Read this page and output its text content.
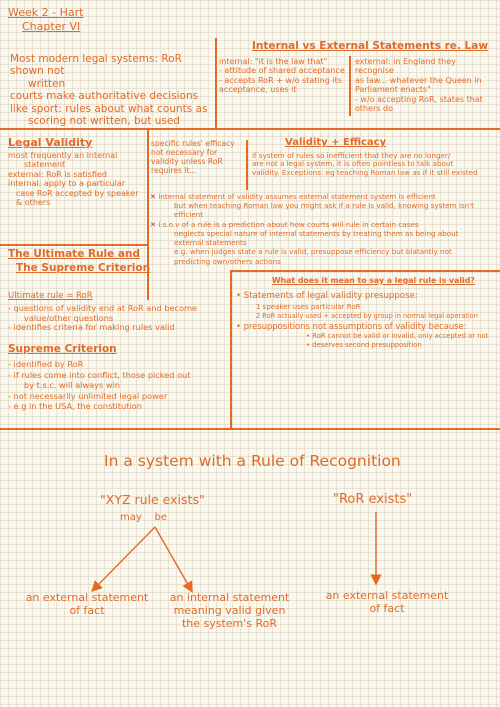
Week 2 - Hart
Chapter VI
Most modern legal systems: RoR shown not
written
courts make authoritative decisions
like sport: rules about what counts as
scoring not written, but used
Internal vs External Statements re. Law
internal: "it is the law that"
- attitude of shared acceptance
- accepts RoR + w/o stating its
acceptance, uses it
external: in England they recognise
as law... whatever the Queen in
Parliament enacts"
- w/o accepting RoR, states that
others do
Legal Validity
most frequently an internal
statement
external: RoR is satisfied
internal: apply to a particular
case RoR accepted by speaker
& others
specific rules' efficacy
not necessary for
validity unless RoR
requires it...
Validity + Efficacy
if system of rules so inefficient that they are no longer/
are not a legal system, it is often pointless to talk about
validity. Exceptions: eg teaching Roman law as if it still existed
✕ internal statement of validity assumes external statement system is efficient
but when teaching Roman law you might ask if a rule is valid, knowing system isn't efficient
✕ i.s.o.v of a rule is a prediction about how courts will rule in certain cases
neglects special nature of internal statements by treating them as being about
external statements
e.g. when judges state a rule is valid, presuppose efficiency but blatantly not
predicting own/others actions
The Ultimate Rule and
The Supreme Criterion
Ultimate rule = RoR
- questions of validity end at RoR and become
value/other questions
- identifies criteria for making rules valid
Supreme Criterion
- identified by RoR
- if rules come into conflict, those picked out
by t.s.c. will always win
- not necessarily unlimited legal power
- e.g in the USA, the constitution
What does it mean to say a legal rule is valid?
• Statements of legal validity presuppose:
1 speaker uses particular RoR
2 RoR actually used + accepted by group in normal legal operation
• presuppositions not assumptions of validity because:
• RoR cannot be valid or invalid, only accepted or not
• deserves second presupposition
In a system with a Rule of Recognition
"XYZ rule exists"
may    be
"RoR exists"
an external statement
of fact
an internal statement
meaning valid given
the system's RoR
an external statement
of fact
